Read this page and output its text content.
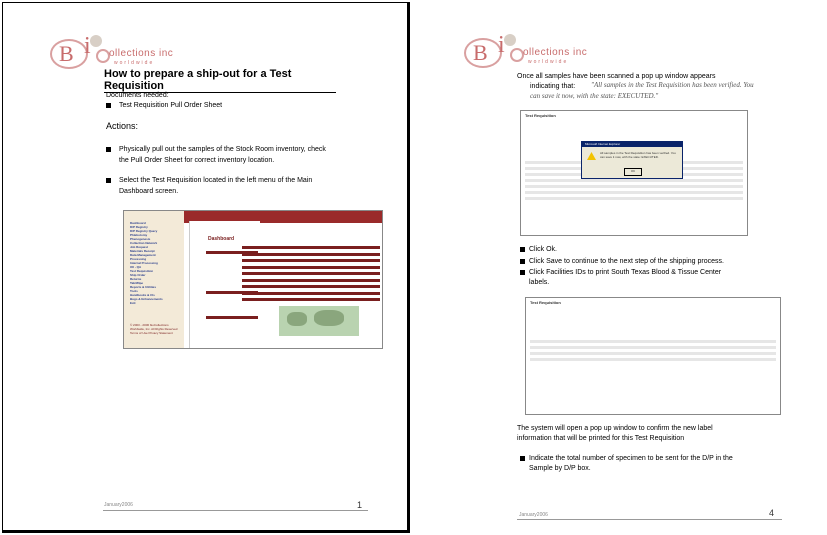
B i ollections inc
worldwide
How to prepare a ship-out for a Test Requisition
Documents needed:
Test Requisition Pull Order Sheet
Actions:
Physically pull out the samples of the Stock Room inventory, check
the Pull Order Sheet for correct inventory location.
Select the Test Requisition located in the left menu of the Main
Dashboard screen.
Dashboard
D/P Registry
D/P Registry Query
Phlebotomy
Phenogenesis
Collection Network
Job Request
Materials Receipt
Data Management
Processing
Internal Processing
I/O - QA
Test Requisition
Ship Order
Returns
Tab/Wipe
Reports & Utilities
Tools
Handbooks & CIs
Bugs & Enhancements
Exit
© 2003 - 2006 bioCollections Worldwide, Inc. All Rights Reserved Terms of Use Privacy Statement
Dashboard
January2006	1
B i ollections inc
worldwide
Once all samples have been scanned a pop up window appears
indicating that: "All samples in the Test Requisition has been verified. You
can save it now, with the state: EXECUTED."
Test Requisition
Microsoft Internet Explorer
All samples in the Test Requisition has been verified. You can save it now, with the state: EXECUTED.
OK
Click Ok.
Click Save to continue to the next step of the shipping process.
Click Facilities IDs to print South Texas Blood & Tissue Center
labels.
Test Requisition
The system will open a pop up window to confirm the new label
information that will be printed for this Test Requisition
Indicate the total number of specimen to be sent for the D/P in the
Sample by D/P box.
January2006	4
